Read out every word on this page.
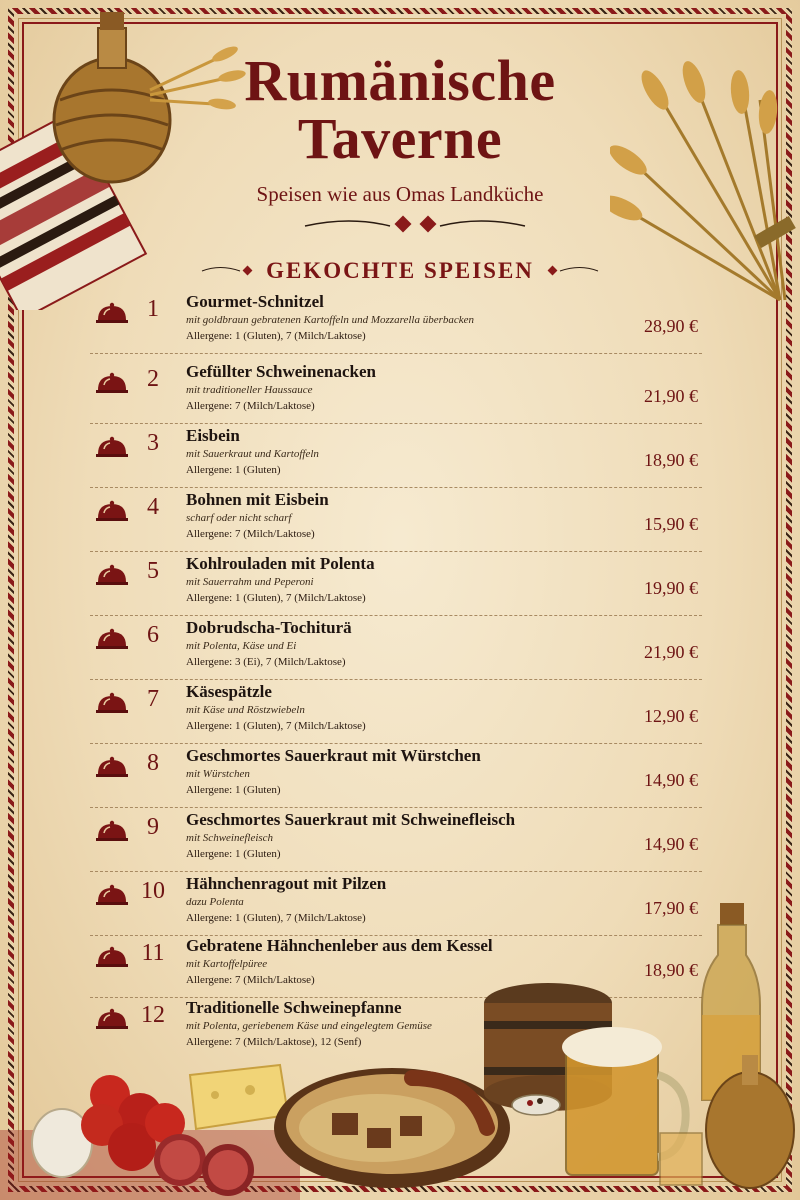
Rumänische
Taverne
Speisen wie aus Omas Landküche
GEKOCHTE SPEISEN
1	Gourmet-Schnitzel
mit goldbraun gebratenen Kartoffeln und Mozzarella überbacken
Allergene: 1 (Gluten), 7 (Milch/Laktose)	28,90 €
2	Gefüllter Schweinenacken
mit traditioneller Haussauce
Allergene: 7 (Milch/Laktose)	21,90 €
3	Eisbein
mit Sauerkraut und Kartoffeln
Allergene: 1 (Gluten)	18,90 €
4	Bohnen mit Eisbein
scharf oder nicht scharf
Allergene: 7 (Milch/Laktose)	15,90 €
5	Kohlrouladen mit Polenta
mit Sauerrahm und Peperoni
Allergene: 1 (Gluten), 7 (Milch/Laktose)	19,90 €
6	Dobrudscha-Tochiturä
mit Polenta, Käse und Ei
Allergene: 3 (Ei), 7 (Milch/Laktose)	21,90 €
7	Käsespätzle
mit Käse und Röstzwiebeln
Allergene: 1 (Gluten), 7 (Milch/Laktose)	12,90 €
8	Geschmortes Sauerkraut mit Würstchen
mit Würstchen
Allergene: 1 (Gluten)	14,90 €
9	Geschmortes Sauerkraut mit Schweinefleisch
mit Schweinefleisch
Allergene: 1 (Gluten)	14,90 €
10	Hähnchenragout mit Pilzen
dazu Polenta
Allergene: 1 (Gluten), 7 (Milch/Laktose)	17,90 €
11	Gebratene Hähnchenleber aus dem Kessel
mit Kartoffelpüree
Allergene: 7 (Milch/Laktose)	18,90 €
12	Traditionelle Schweinepfanne
mit Polenta, geriebenem Käse und eingelegtem Gemüse
Allergene: 7 (Milch/Laktose), 12 (Senf)
